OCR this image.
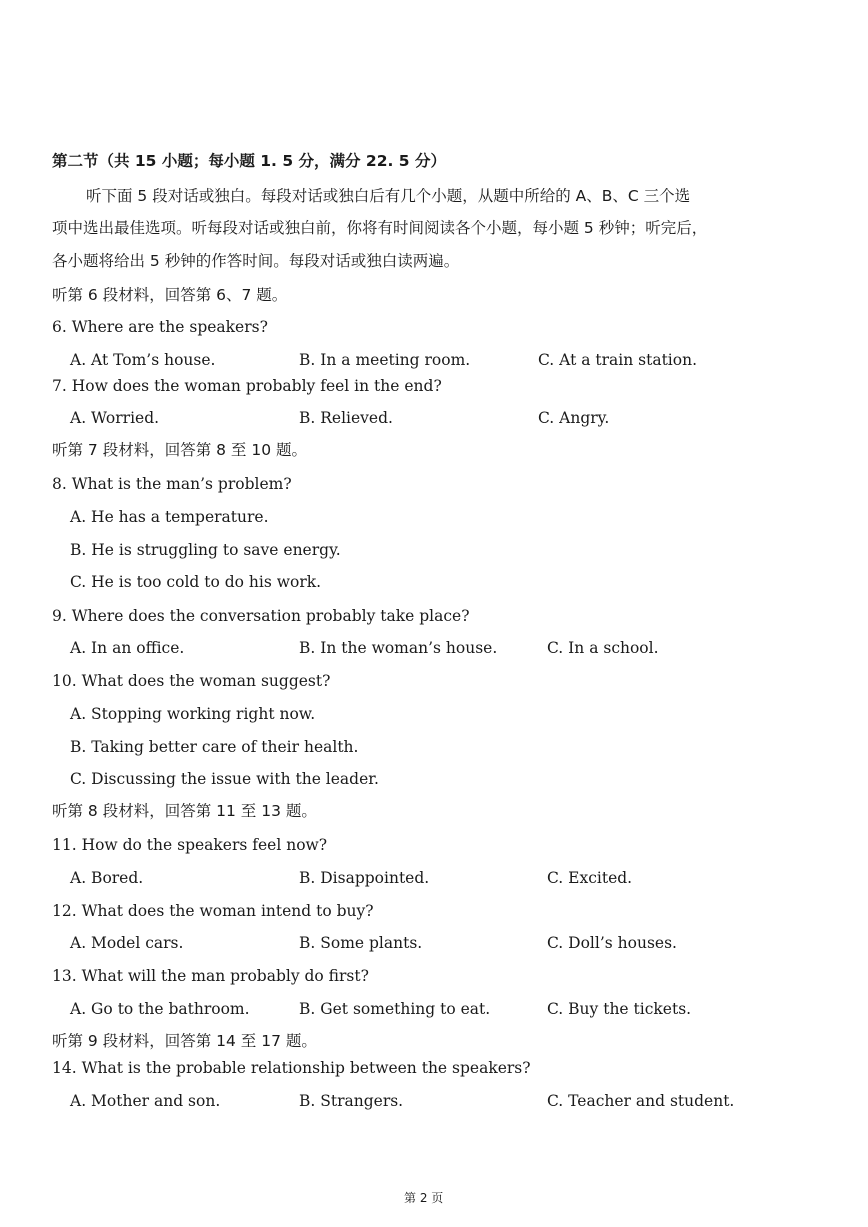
第二节（共 15 小题；每小题 1. 5 分，满分 22. 5 分）
听下面 5 段对话或独白。每段对话或独白后有几个小题，从题中所给的 A、B、C 三个选
项中选出最佳选项。听每段对话或独白前，你将有时间阅读各个小题，每小题 5 秒钟；听完后，
各小题将给出 5 秒钟的作答时间。每段对话或独白读两遍。
听第 6 段材料，回答第 6、7 题。
6. Where are the speakers?
A. At Tom’s house.	B. In a meeting room.	C. At a train station.
7. How does the woman probably feel in the end?
A. Worried.	B. Relieved.	C. Angry.
听第 7 段材料，回答第 8 至 10 题。
8. What is the man’s problem?
A. He has a temperature.
B. He is struggling to save energy.
C. He is too cold to do his work.
9. Where does the conversation probably take place?
A. In an office.	B. In the woman’s house.	C. In a school.
10. What does the woman suggest?
A. Stopping working right now.
B. Taking better care of their health.
C. Discussing the issue with the leader.
听第 8 段材料，回答第 11 至 13 题。
11. How do the speakers feel now?
A. Bored.	B. Disappointed.	C. Excited.
12. What does the woman intend to buy?
A. Model cars.	B. Some plants.	C. Doll’s houses.
13. What will the man probably do first?
A. Go to the bathroom.	B. Get something to eat.	C. Buy the tickets.
听第 9 段材料，回答第 14 至 17 题。
14. What is the probable relationship between the speakers?
A. Mother and son.	B. Strangers.	C. Teacher and student.
第 2 页
